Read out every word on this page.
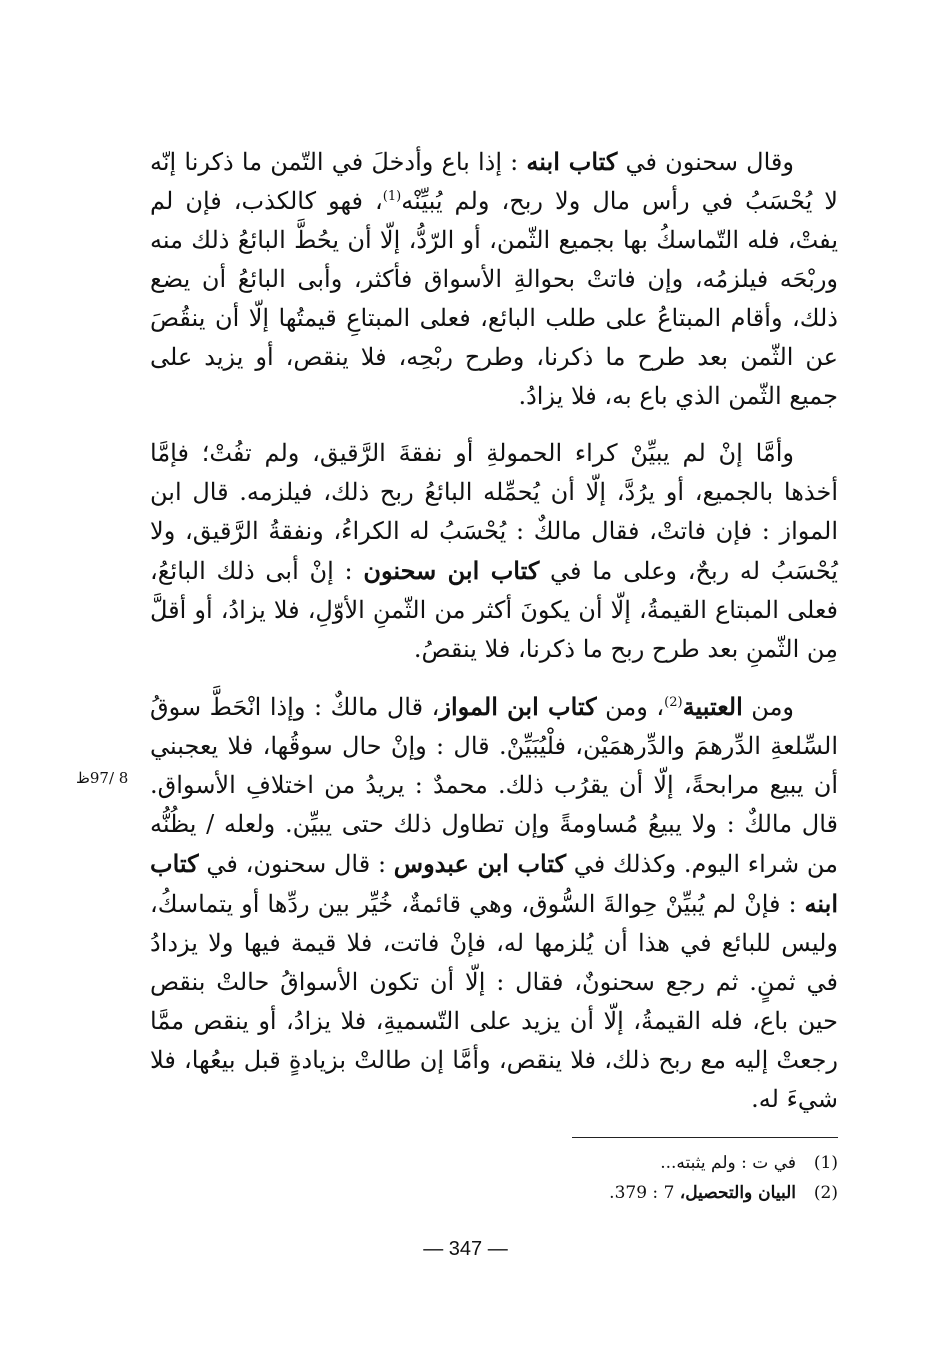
وقال سحنون في كتاب ابنه : إذا باع وأدخلَ في التّمن ما ذكرنا إنّه لا يُحْسَبُ في رأس مال ولا ربح، ولم يُبيِّنْه$^{(1)}$، فهو كالكذب، فإن لم يفتْ، فله التّماسكُ بها بجميع الثّمن، أو الرّدُّ، إلّا أن يحُطَّ البائعُ ذلك منه وربْحَه فيلزمُه، وإن فاتتْ بحوالةِ الأسواق فأكثر، وأبى البائعُ أن يضع ذلك، وأقام المبتاعُ على طلب البائع، فعلى المبتاعِ قيمتُها إلّا أن ينقُصَ عن الثّمن بعد طرح ما ذكرنا، وطرح ربْحِه، فلا ينقص، أو يزيد على جميع الثّمن الذي باع به، فلا يزادُ.

وأمَّا إنْ لم يبيِّنْ كراء الحمولةِ أو نفقةَ الرَّقيق، ولم تفُتْ؛ فإمَّا أخذها بالجميع، أو يرُدَّ، إلّا أن يُحمِّله البائعُ ربح ذلك، فيلزمه. قال ابن المواز : فإن فاتتْ، فقال مالكٌ : يُحْسَبُ له الكراءُ، ونفقةُ الرَّقيق، ولا يُحْسَبُ له ربحٌ، وعلى ما في كتاب ابن سحنون : إنْ أبى ذلك البائعُ، فعلى المبتاع القيمةُ، إلّا أن يكونَ أكثر من الثّمنِ الأوّلِ، فلا يزادُ، أو أقلَّ مِن الثّمنِ بعد طرح ربح ما ذكرنا، فلا ينقصُ.

ومن العتبية$^{(2)}$، ومن كتاب ابن المواز، قال مالكٌ : وإذا انْحَطَّ سوقُ السِّلعةِ الدِّرهمَ والدِّرهمَيْن، فلْيُبَيِّنْ. قال : وإنْ حال سوقُها، فلا يعجبني أن يبيع مرابحةً، إلّا أن يقرُب ذلك. محمدٌ : يريدُ من اختلافِ الأسواق. قال مالكٌ : ولا يبيعُ مُساومةً وإن تطاول ذلك حتى يبيِّن. ولعله / يظُنُّه من شراء اليوم. وكذلك في كتاب ابن عبدوس : قال سحنون، في كتاب ابنه : فإنْ لم يُبيِّنْ حِوالةَ السُّوق، وهي قائمةٌ، خُيِّر بين ردِّها أو يتماسكُ، وليس للبائع في هذا أن يُلزمها له، فإنْ فاتت، فلا قيمة فيها ولا يزدادُ في ثمنٍ. ثم رجع سحنونٌ، فقال : إلّا أن تكون الأسواقُ حالتْ بنقص حين باع، فله القيمةُ، إلّا أن يزيد على التّسميةِ، فلا يزادُ، أو ينقص ممَّا رجعتْ إليه مع ربح ذلك، فلا ينقص، وأمَّا إن طالتْ بزيادةٍ قبل بيعُها، فلا شيءَ له.

8 /97ظ
(1)في ت : ولم يثبته...
(2)البيان والتحصيل، 7 : 379.
— 347 —
